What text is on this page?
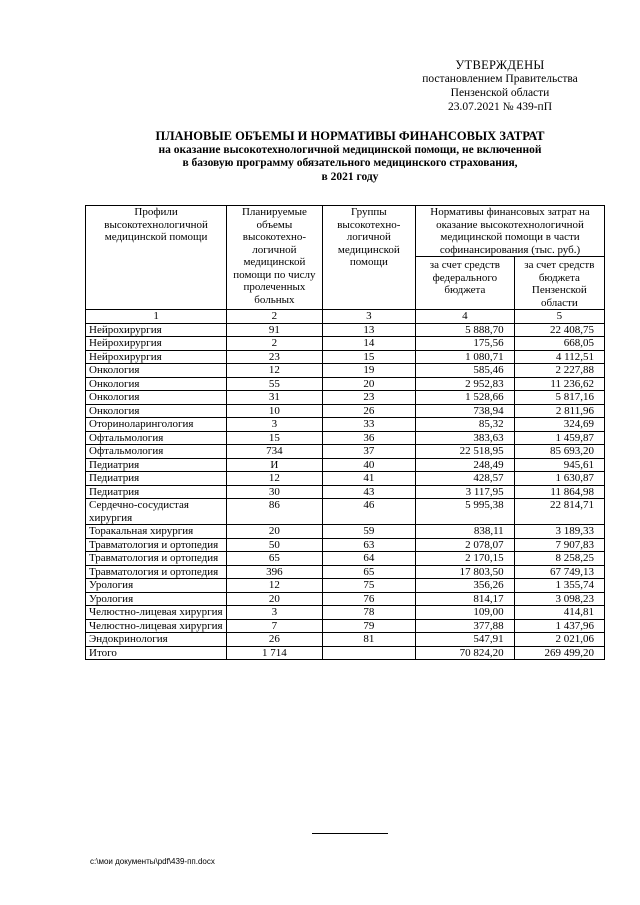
УТВЕРЖДЕНЫ
постановлением Правительства
Пензенской области
23.07.2021 № 439-пП
ПЛАНОВЫЕ ОБЪЕМЫ И НОРМАТИВЫ ФИНАНСОВЫХ ЗАТРАТ
на оказание высокотехнологичной медицинской помощи, не включенной
в базовую программу обязательного медицинского страхования,
в 2021 году
Профили высокотехнологичной медицинской помощи	Планируемые объемы высокотехно-логичной медицинской помощи по числу пролеченных больных	Группы высокотехно-логичной медицинской помощи	Нормативы финансовых затрат на оказание высокотехнологичной медицинской помощи в части софинансирования (тыс. руб.)	
			за счет средств федерального бюджета	за счет средств бюджета Пензенской области
1	2	3	4	5
Нейрохирургия	91	13	5 888,70	22 408,75
Нейрохирургия	2	14	175,56	668,05
Нейрохирургия	23	15	1 080,71	4 112,51
Онкология	12	19	585,46	2 227,88
Онкология	55	20	2 952,83	11 236,62
Онкология	31	23	1 528,66	5 817,16
Онкология	10	26	738,94	2 811,96
Оториноларингология	3	33	85,32	324,69
Офтальмология	15	36	383,63	1 459,87
Офтальмология	734	37	22 518,95	85 693,20
Педиатрия	И	40	248,49	945,61
Педиатрия	12	41	428,57	1 630,87
Педиатрия	30	43	3 117,95	11 864,98
Сердечно-сосудистая хирургия	86	46	5 995,38	22 814,71
Торакальная хирургия	20	59	838,11	3 189,33
Травматология и ортопедия	50	63	2 078,07	7 907,83
Травматология и ортопедия	65	64	2 170,15	8 258,25
Травматология и ортопедия	396	65	17 803,50	67 749,13
Урология	12	75	356,26	1 355,74
Урология	20	76	814,17	3 098,23
Челюстно-лицевая хирургия	3	78	109,00	414,81
Челюстно-лицевая хирургия	7	79	377,88	1 437,96
Эндокринология	26	81	547,91	2 021,06
Итого	1 714		70 824,20	269 499,20
c:\мои документы\pdf\439-пп.docx
